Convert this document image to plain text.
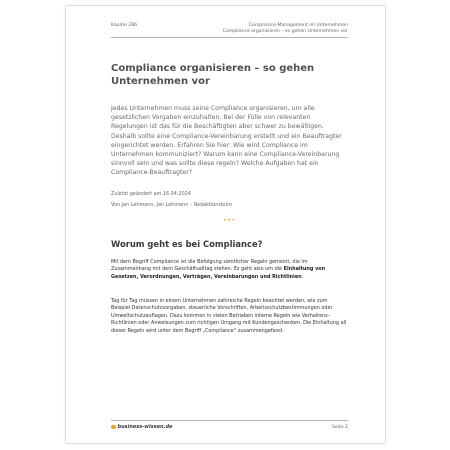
Kapitel 286	Compliance-Management im Unternehmen
Compliance organisieren – so gehen Unternehmen vor
Compliance organisieren – so gehen Unternehmen vor

Jedes Unternehmen muss seine Compliance organisieren, um alle gesetzlichen Vorgaben einzuhalten. Bei der Fülle von relevanten Regelungen ist das für die Beschäftigten aber schwer zu bewältigen. Deshalb sollte eine Compliance-Vereinbarung erstellt und ein Beauftragter eingerichtet werden. Erfahren Sie hier: Wie wird Compliance im Unternehmen kommuniziert? Warum kann eine Compliance-Vereinbarung sinnvoll sein und was sollte diese regeln? Welche Aufgaben hat ein Compliance-Beauftragter?

Zuletzt geändert am 16.04.2024
Von Jan Lehmann, Jan Lehmann – Redaktionsbüro
•••
Worum geht es bei Compliance?

Mit dem Begriff Compliance ist die Befolgung sämtlicher Regeln gemeint, die im Zusammenhang mit dem Geschäftsalltag stehen. Es geht also um die Einhaltung von Gesetzen, Verordnungen, Verträgen, Vereinbarungen und Richtlinien.

Tag für Tag müssen in einem Unternehmen zahlreiche Regeln beachtet werden, wie zum Beispiel Datenschutzvorgaben, steuerliche Vorschriften, Arbeitsschutzbestimmungen oder Umweltschutzauflagen. Dazu kommen in vielen Betrieben interne Regeln wie Verhaltens-Richtlinien oder Anweisungen zum richtigen Umgang mit Kundengeschenken. Die Einhaltung all dieser Regeln wird unter dem Begriff „Compliance“ zusammengefasst.

business-wissen.de	Seite 2
